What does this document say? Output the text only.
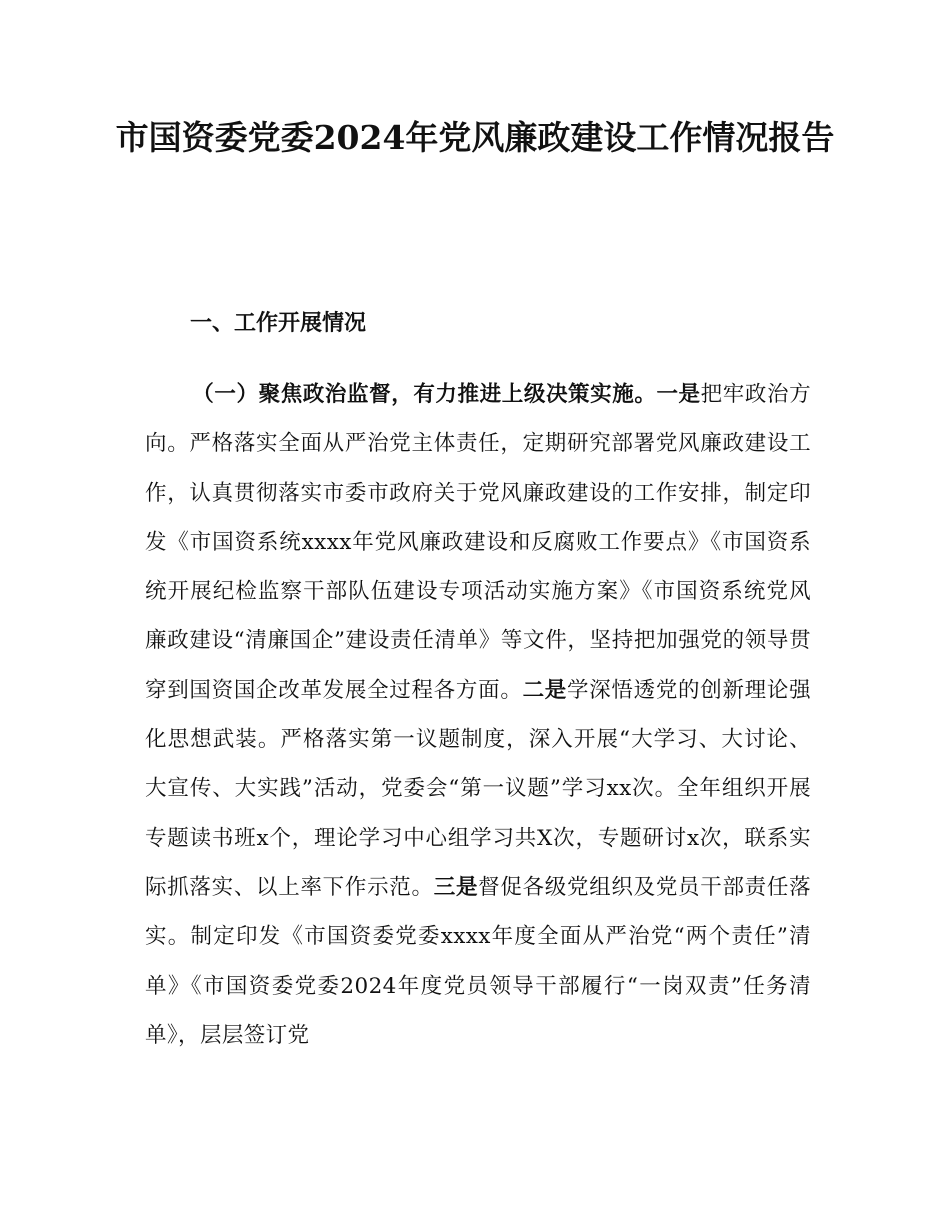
市国资委党委2024年党风廉政建设工作情况报告
一、工作开展情况

（一）聚焦政治监督，有力推进上级决策实施。一是把牢政治方向。严格落实全面从严治党主体责任，定期研究部署党风廉政建设工作，认真贯彻落实市委市政府关于党风廉政建设的工作安排，制定印发《市国资系统xxxx年党风廉政建设和反腐败工作要点》《市国资系统开展纪检监察干部队伍建设专项活动实施方案》《市国资系统党风廉政建设“清廉国企”建设责任清单》等文件，坚持把加强党的领导贯穿到国资国企改革发展全过程各方面。二是学深悟透党的创新理论强化思想武装。严格落实第一议题制度，深入开展“大学习、大讨论、大宣传、大实践”活动，党委会“第一议题”学习xx次。全年组织开展专题读书班x个，理论学习中心组学习共X次，专题研讨x次，联系实际抓落实、以上率下作示范。三是督促各级党组织及党员干部责任落实。制定印发《市国资委党委xxxx年度全面从严治党“两个责任”清单》《市国资委党委2024年度党员领导干部履行“一岗双责”任务清单》，层层签订党
